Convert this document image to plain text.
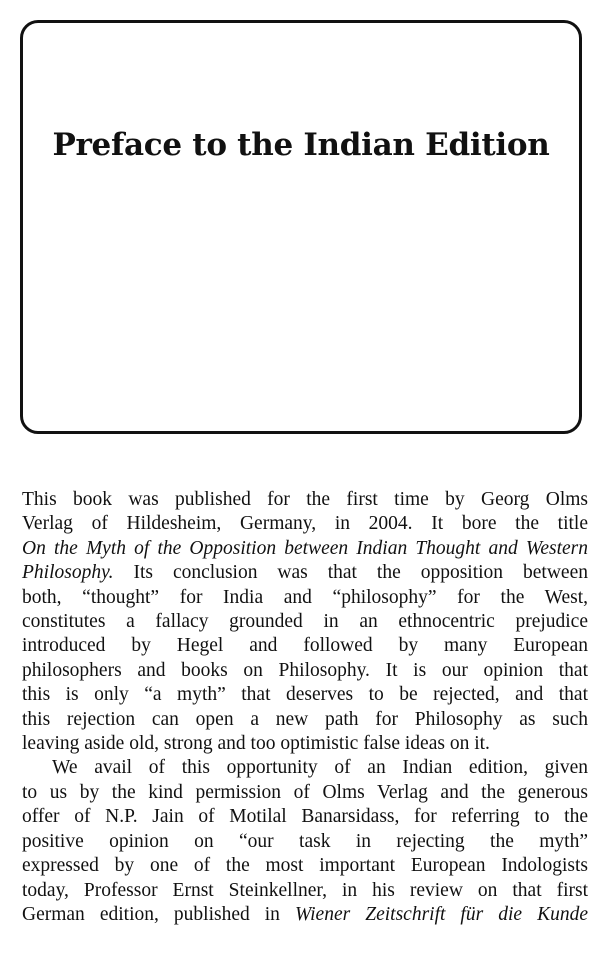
Preface to the Indian Edition
This book was published for the first time by Georg Olms
Verlag of Hildesheim, Germany, in 2004. It bore the title
On the Myth of the Opposition between Indian Thought and Western
Philosophy. Its conclusion was that the opposition between
both, “thought” for India and “philosophy” for the West,
constitutes a fallacy grounded in an ethnocentric prejudice
introduced by Hegel and followed by many European
philosophers and books on Philosophy. It is our opinion that
this is only “a myth” that deserves to be rejected, and that
this rejection can open a new path for Philosophy as such
leaving aside old, strong and too optimistic false ideas on it.
We avail of this opportunity of an Indian edition, given
to us by the kind permission of Olms Verlag and the generous
offer of N.P. Jain of Motilal Banarsidass, for referring to the
positive opinion on “our task in rejecting the myth”
expressed by one of the most important European Indologists
today, Professor Ernst Steinkellner, in his review on that first
German edition, published in Wiener Zeitschrift für die Kunde
